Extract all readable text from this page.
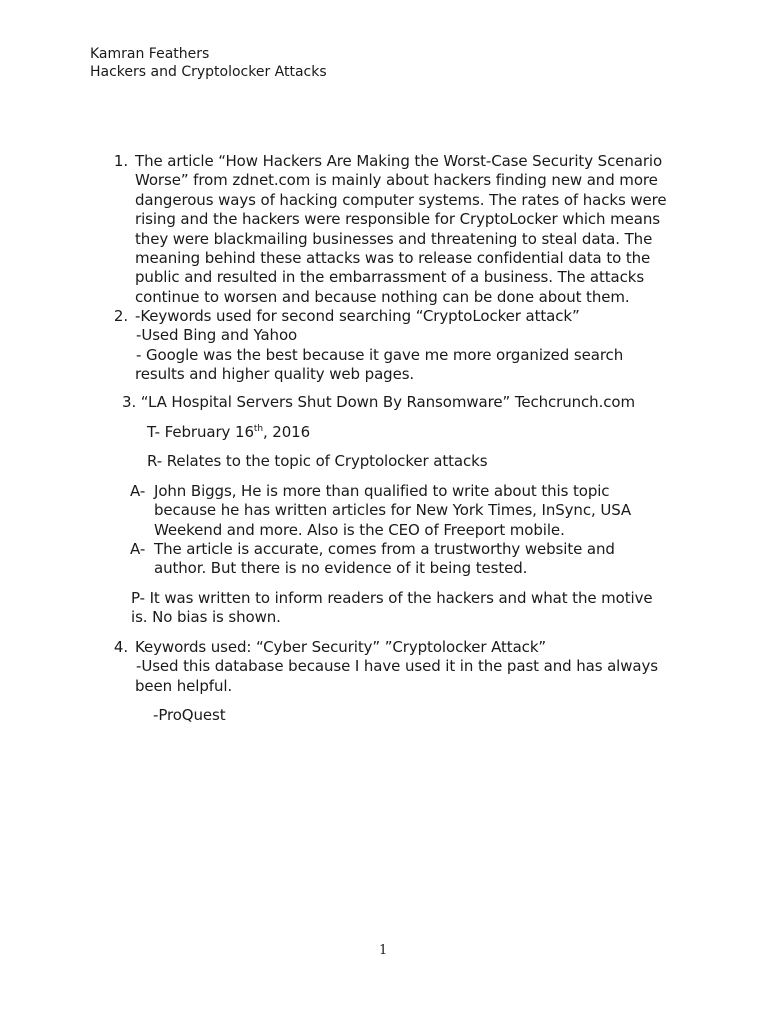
Kamran Feathers
Hackers and Cryptolocker Attacks
1. The article “How Hackers Are Making the Worst-Case Security Scenario
Worse” from zdnet.com is mainly about hackers finding new and more
dangerous ways of hacking computer systems. The rates of hacks were
rising and the hackers were responsible for CryptoLocker which means
they were blackmailing businesses and threatening to steal data. The
meaning behind these attacks was to release confidential data to the
public and resulted in the embarrassment of a business. The attacks
continue to worsen and because nothing can be done about them.
2. -Keywords used for second searching “CryptoLocker attack”
-Used Bing and Yahoo
- Google was the best because it gave me more organized search
results and higher quality web pages.
3. “LA Hospital Servers Shut Down By Ransomware” Techcrunch.com
T- February 16th, 2016
R- Relates to the topic of Cryptolocker attacks
A- John Biggs, He is more than qualified to write about this topic
because he has written articles for New York Times, InSync, USA
Weekend and more. Also is the CEO of Freeport mobile.
A- The article is accurate, comes from a trustworthy website and
author. But there is no evidence of it being tested.
P- It was written to inform readers of the hackers and what the motive
is. No bias is shown.
4. Keywords used: “Cyber Security” ”Cryptolocker Attack”
-Used this database because I have used it in the past and has always
been helpful.
-ProQuest
1
